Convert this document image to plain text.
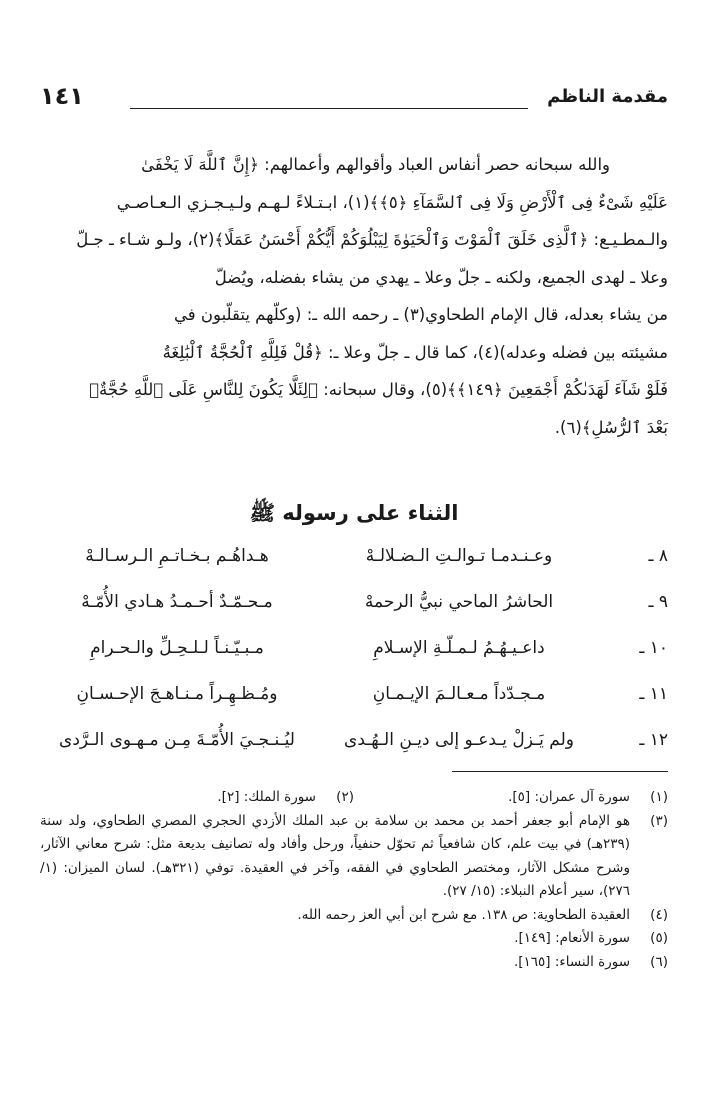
مقدمة الناظم
١٤١

والله سبحانه حصر أنفاس العباد وأقوالهم وأعمالهم: ﴿إِنَّ ٱللَّهَ لَا يَخْفَىٰ
عَلَيْهِ شَىْءٌ فِى ٱلْأَرْضِ وَلَا فِى ٱلسَّمَآءِ ﴿٥﴾﴾(١)، ابـتـلاءً لـهـم ولـيـجـزي الـعـاصـي
والـمطـيـع: ﴿ٱلَّذِى خَلَقَ ٱلْمَوْتَ وَٱلْحَيَوٰةَ لِيَبْلُوَكُمْ أَيُّكُمْ أَحْسَنُ عَمَلًا﴾(٢)، ولـو شـاء ـ جـلّ
وعلا ـ لهدى الجميع، ولكنه ـ جلّ وعلا ـ يهدي من يشاء بفضله، ويُضلّ
من يشاء بعدله، قال الإمام الطحاوي(٣) ـ رحمه الله ـ: (وكلّهم يتقلّبون في
مشيئته بين فضله وعدله)(٤)، كما قال ـ جلّ وعلا ـ: ﴿قُلْ فَلِلَّهِ ٱلْحُجَّةُ ٱلْبَٰلِغَةُ
فَلَوْ شَآءَ لَهَدَىٰكُمْ أَجْمَعِينَ ﴿١٤٩﴾﴾(٥)، وقال سبحانه: ﴿لِئَلَّا يَكُونَ لِلنَّاسِ عَلَى ٱللَّهِ حُجَّةٌۢ
بَعْدَ ٱلرُّسُلِ﴾(٦).

الثناء على رسوله ﷺ
٨ ـ
وعـنـدمـا تـوالـتِ الـضـلالـهْ
هـداهُـم بـخـاتـمِ الـرسـالـهْ
٩ ـ
الحاشرُ الماحي نبيُّ الرحمهْ
مـحـمّـدٌ أحـمـدُ هـادي الأُمّـهْ
١٠ ـ
داعـيـهُـمُ لـمـلّـةِ الإسـلامِ
مـبـيّـنـاً لـلـحِـلِّ والـحـرامِ
١١ ـ
مـجـدّداً مـعـالـمَ الإيـمـانِ
ومُـظـهِـراً مـنـاهـجَ الإحـسـانِ
١٢ ـ
ولم يَـزلْ يـدعـو إلى ديـنِ الـهُـدى
ليُـنـجـيَ الأُمّـةَ مِـن مـهـوى الـرَّدى
(١)
سورة آل عمران: [٥].
(٢)
سورة الملك: [٢].
(٣)
هو الإمام أبو جعفر أحمد بن محمد بن سلامة بن عبد الملك الأزدي الحجري المصري الطحاوي، ولد سنة (٢٣٩هـ) في بيت علم، كان شافعياً ثم تحوّل حنفياً، ورحل وأفاد وله تصانيف بديعة مثل: شرح معاني الآثار، وشرح مشكل الآثار، ومختصر الطحاوي في الفقه، وآخر في العقيدة. توفي (٣٢١هـ). لسان الميزان: (١/ ٢٧٦)، سير أعلام النبلاء: (١٥/ ٢٧).
(٤)
العقيدة الطحاوية: ص ١٣٨. مع شرح ابن أبي العز رحمه الله.
(٥)
سورة الأنعام: [١٤٩].
(٦)
سورة النساء: [١٦٥].
